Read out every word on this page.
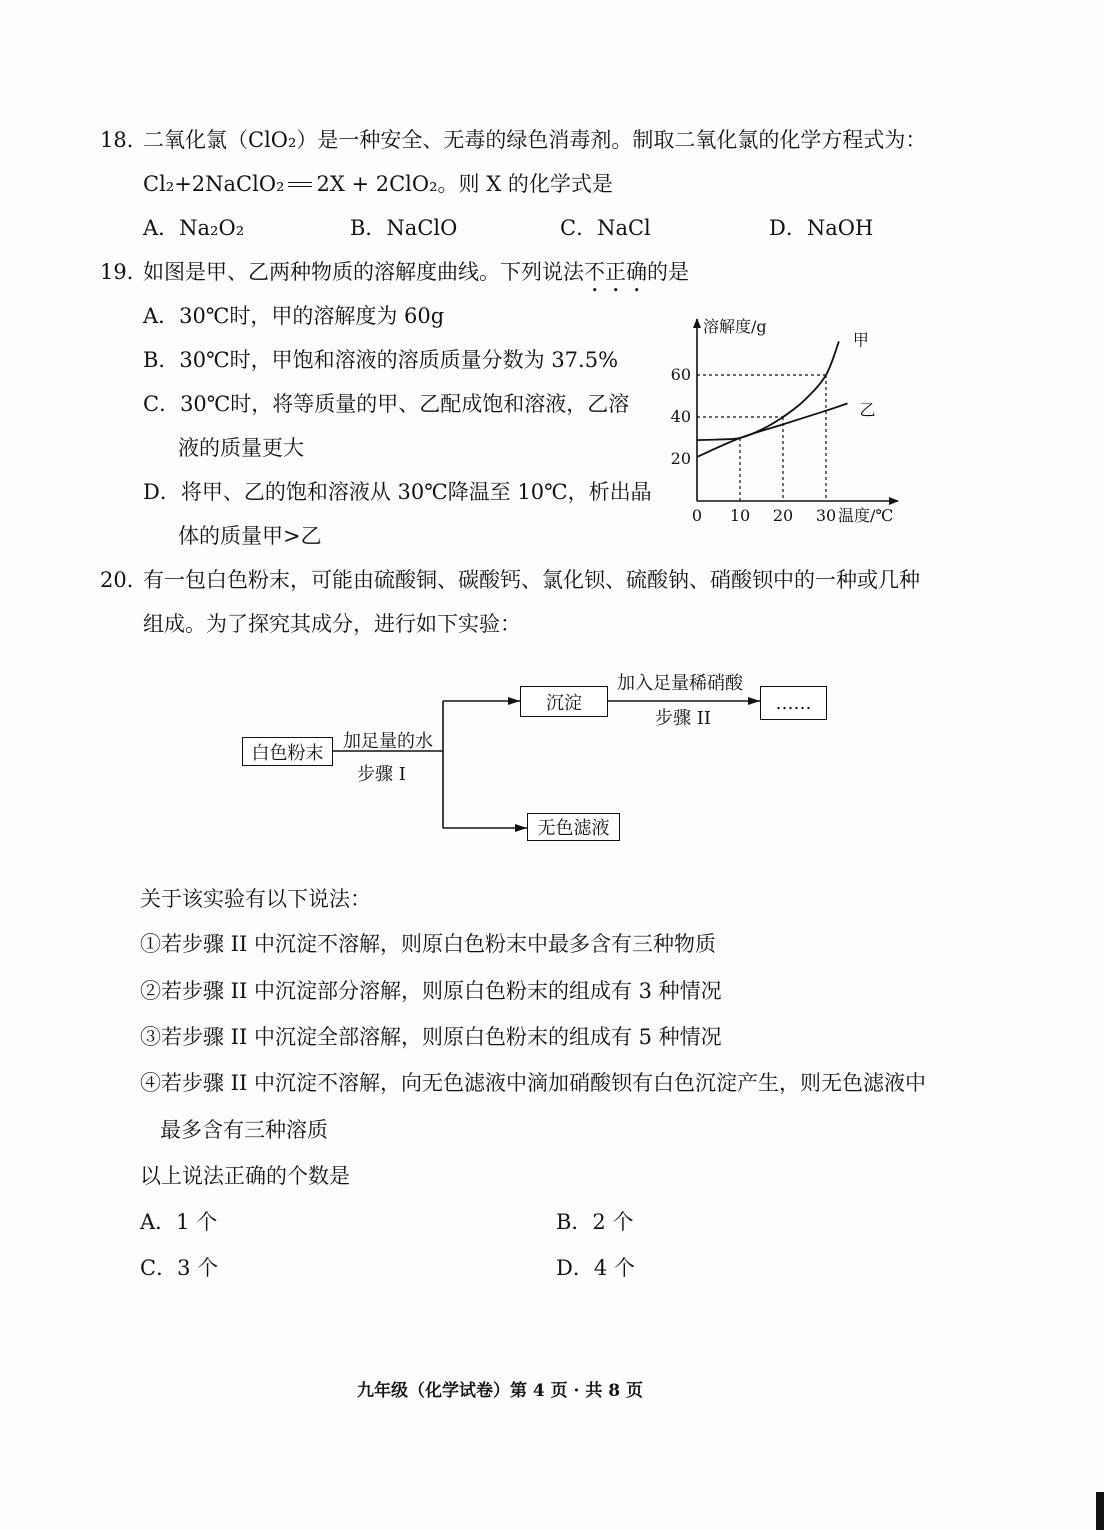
18．
二氧化氯（ClO₂）是一种安全、无毒的绿色消毒剂。制取二氧化氯的化学方程式为：
Cl₂+2NaClO₂ 2X + 2ClO₂。则 X 的化学式是
A．Na₂O₂	B．NaClO	C．NaCl	D．NaOH
19．
如图是甲、乙两种物质的溶解度曲线。下列说法不正确的是
A．30℃时，甲的溶解度为 60g
B．30℃时，甲饱和溶液的溶质质量分数为 37.5%
C．30℃时，将等质量的甲、乙配成饱和溶液，乙溶
液的质量更大
D．将甲、乙的饱和溶液从 30℃降温至 10℃，析出晶
体的质量甲>乙
20
40
60
0 10 20 30
溶解度/g
温度/℃
甲
乙
20．
有一包白色粉末，可能由硫酸铜、碳酸钙、氯化钡、硫酸钠、硝酸钡中的一种或几种
组成。为了探究其成分，进行如下实验：
白色粉末
加足量的水
步骤 I
沉淀
无色滤液
加入足量稀硝酸
步骤 II
……
关于该实验有以下说法：
①若步骤 II 中沉淀不溶解，则原白色粉末中最多含有三种物质
②若步骤 II 中沉淀部分溶解，则原白色粉末的组成有 3 种情况
③若步骤 II 中沉淀全部溶解，则原白色粉末的组成有 5 种情况
④若步骤 II 中沉淀不溶解，向无色滤液中滴加硝酸钡有白色沉淀产生，则无色滤液中
最多含有三种溶质
以上说法正确的个数是
A．1 个	B．2 个
C．3 个	D．4 个
九年级（化学试卷）第 4 页 · 共 8 页
